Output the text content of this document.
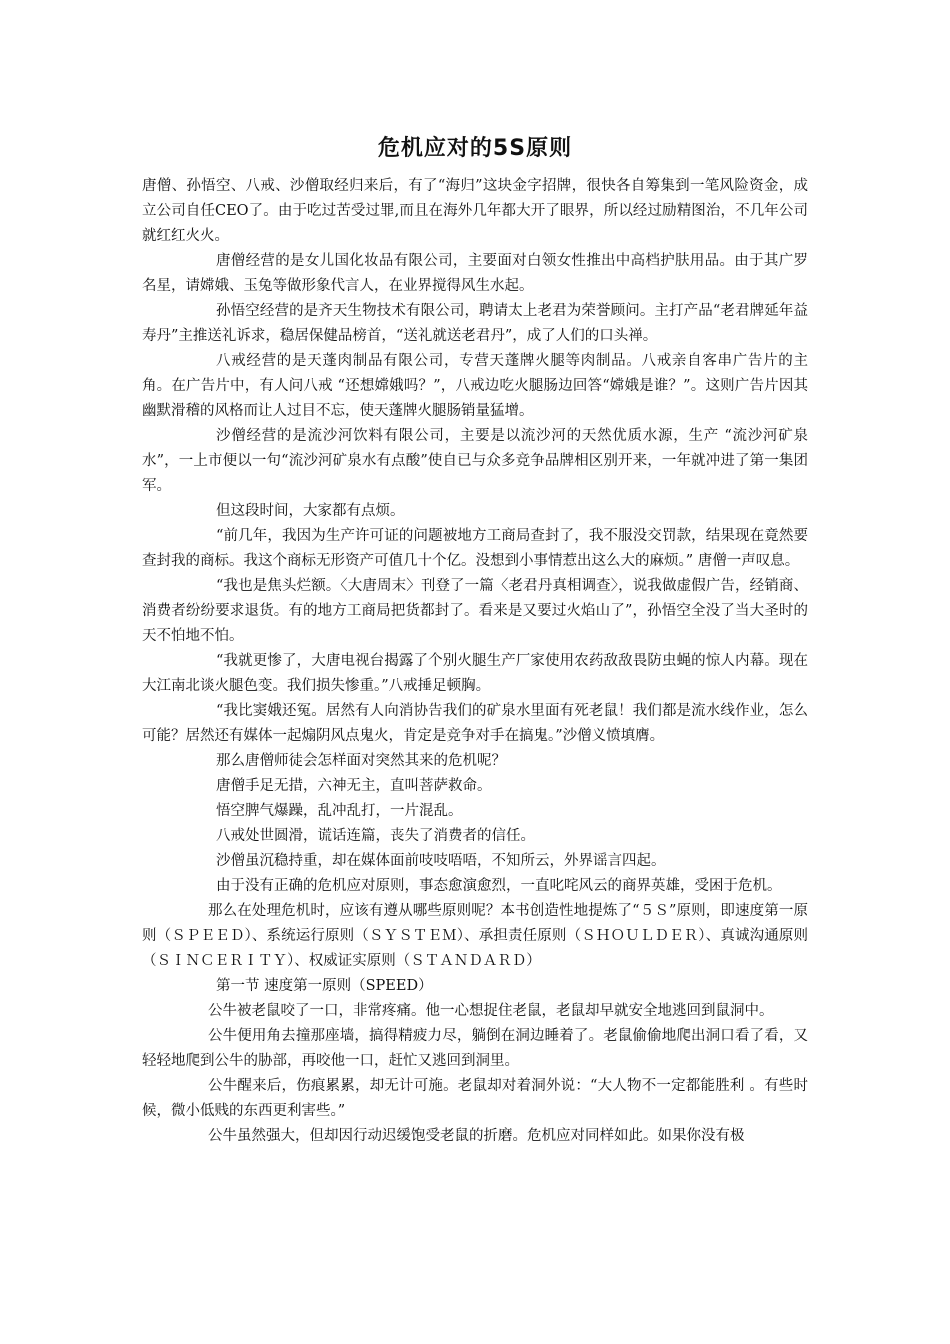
危机应对的5S原则

唐僧、孙悟空、八戒、沙僧取经归来后，有了“海归”这块金字招牌，很快各自筹集到一笔风险资金，成立公司自任CEO了。由于吃过苦受过罪,而且在海外几年都大开了眼界，所以经过励精图治，不几年公司就红红火火。

唐僧经营的是女儿国化妆品有限公司，主要面对白领女性推出中高档护肤用品。由于其广罗名星，请嫦娥、玉兔等做形象代言人，在业界搅得风生水起。

孙悟空经营的是齐天生物技术有限公司，聘请太上老君为荣誉顾问。主打产品“老君牌延年益寿丹”主推送礼诉求，稳居保健品榜首，“送礼就送老君丹”，成了人们的口头禅。

八戒经营的是天蓬肉制品有限公司，专营天蓬牌火腿等肉制品。八戒亲自客串广告片的主角。在广告片中，有人问八戒 “还想嫦娥吗？”，八戒边吃火腿肠边回答“嫦娥是谁？”。这则广告片因其幽默滑稽的风格而让人过目不忘，使天蓬牌火腿肠销量猛增。

沙僧经营的是流沙河饮料有限公司，主要是以流沙河的天然优质水源，生产 “流沙河矿泉水”，一上市便以一句“流沙河矿泉水有点酸”使自已与众多竞争品牌相区别开来，一年就冲进了第一集团军。

但这段时间，大家都有点烦。

“前几年，我因为生产许可证的问题被地方工商局查封了，我不服没交罚款，结果现在竟然要查封我的商标。我这个商标无形资产可值几十个亿。没想到小事情惹出这么大的麻烦。” 唐僧一声叹息。

“我也是焦头烂额。〈大唐周末〉刊登了一篇〈老君丹真相调查〉，说我做虚假广告，经销商、消费者纷纷要求退货。有的地方工商局把货都封了。看来是又要过火焰山了”，孙悟空全没了当大圣时的天不怕地不怕。

“我就更惨了，大唐电视台揭露了个别火腿生产厂家使用农药敌敌畏防虫蝇的惊人内幕。现在大江南北谈火腿色变。我们损失惨重。”八戒捶足顿胸。

“我比窦娥还冤。居然有人向消协告我们的矿泉水里面有死老鼠！我们都是流水线作业，怎么可能？居然还有媒体一起煽阴风点鬼火，肯定是竞争对手在搞鬼。”沙僧义愤填膺。

那么唐僧师徒会怎样面对突然其来的危机呢？

唐僧手足无措，六神无主，直叫菩萨救命。

悟空脾气爆躁，乱冲乱打，一片混乱。

八戒处世圆滑，谎话连篇，丧失了消费者的信任。

沙僧虽沉稳持重，却在媒体面前吱吱唔唔，不知所云，外界谣言四起。

由于没有正确的危机应对原则，事态愈演愈烈，一直叱咤风云的商界英雄，受困于危机。

那么在处理危机时，应该有遵从哪些原则呢？本书创造性地提炼了“５Ｓ”原则，即速度第一原则（ＳＰＥＥＤ）、系统运行原则（ＳＹＳＴＥＭ）、承担责任原则（ＳＨＯＵＬＤＥＲ）、真诚沟通原则（ＳＩＮＣＥＲＩＴＹ）、权威证实原则（ＳＴＡＮＤＡＲＤ）

第一节 速度第一原则（SPEED）

公牛被老鼠咬了一口，非常疼痛。他一心想捉住老鼠，老鼠却早就安全地逃回到鼠洞中。

公牛便用角去撞那座墙，搞得精疲力尽，躺倒在洞边睡着了。老鼠偷偷地爬出洞口看了看，又轻轻地爬到公牛的胁部，再咬他一口，赶忙又逃回到洞里。

公牛醒来后，伤痕累累，却无计可施。老鼠却对着洞外说：“大人物不一定都能胜利 。有些时候，微小低贱的东西更利害些。”

公牛虽然强大，但却因行动迟缓饱受老鼠的折磨。危机应对同样如此。如果你没有极
